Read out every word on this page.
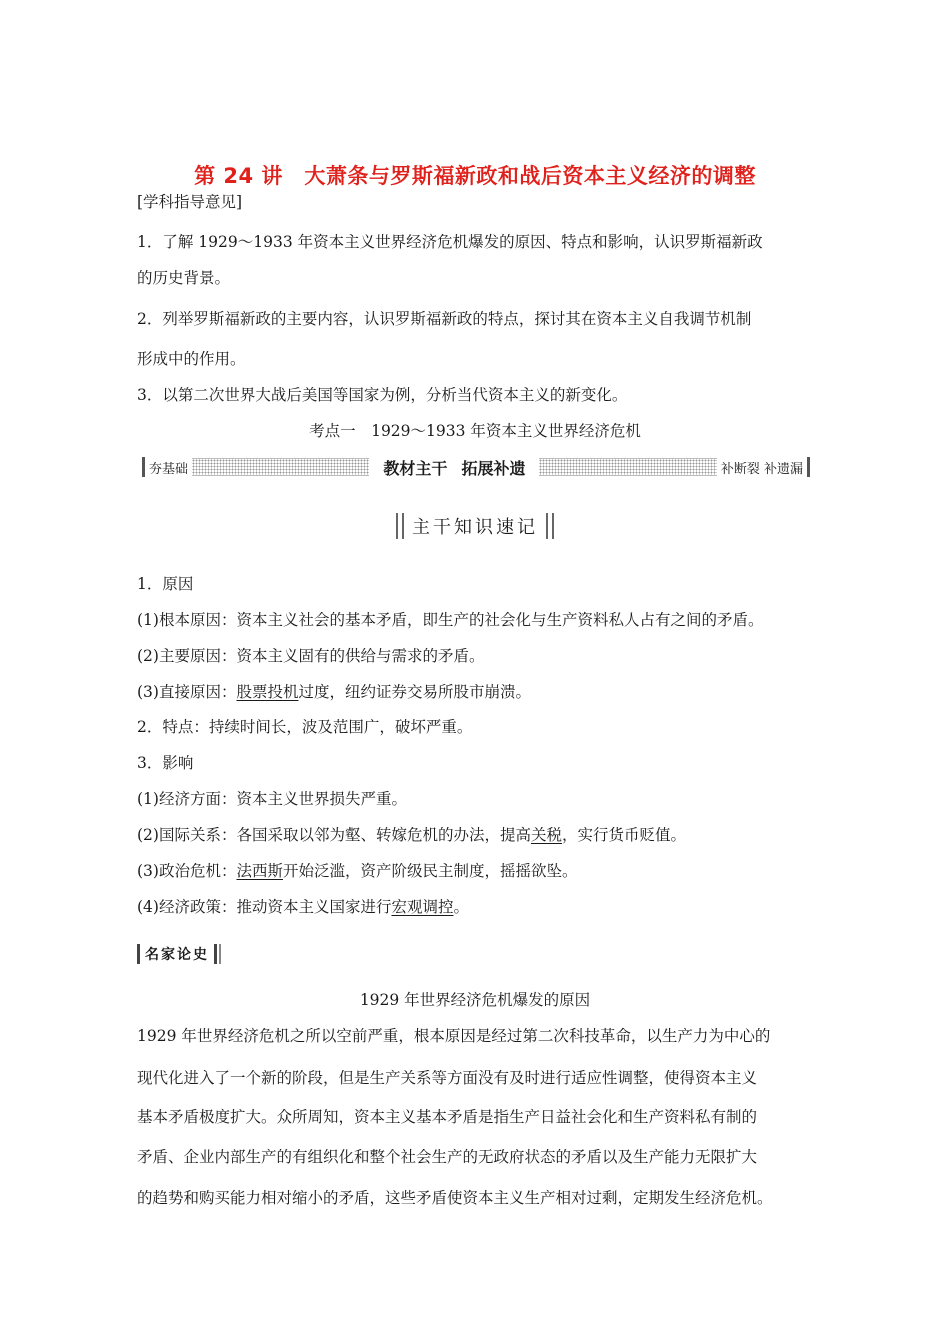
第 24 讲　大萧条与罗斯福新政和战后资本主义经济的调整
[学科指导意见]
1．了解 1929～1933 年资本主义世界经济危机爆发的原因、特点和影响，认识罗斯福新政
的历史背景。
2．列举罗斯福新政的主要内容，认识罗斯福新政的特点，探讨其在资本主义自我调节机制
形成中的作用。
3．以第二次世界大战后美国等国家为例，分析当代资本主义的新变化。
考点一　1929～1933 年资本主义世界经济危机
夯基础	教材主干 拓展补遗	补断裂 补遗漏
主干知识速记
1．原因
(1)根本原因：资本主义社会的基本矛盾，即生产的社会化与生产资料私人占有之间的矛盾。
(2)主要原因：资本主义固有的供给与需求的矛盾。
(3)直接原因：股票投机过度，纽约证券交易所股市崩溃。
2．特点：持续时间长，波及范围广，破坏严重。
3．影响
(1)经济方面：资本主义世界损失严重。
(2)国际关系：各国采取以邻为壑、转嫁危机的办法，提高关税，实行货币贬值。
(3)政治危机：法西斯开始泛滥，资产阶级民主制度，摇摇欲坠。
(4)经济政策：推动资本主义国家进行宏观调控。
名家论史
1929 年世界经济危机爆发的原因
1929 年世界经济危机之所以空前严重，根本原因是经过第二次科技革命，以生产力为中心的
现代化进入了一个新的阶段，但是生产关系等方面没有及时进行适应性调整，使得资本主义
基本矛盾极度扩大。众所周知，资本主义基本矛盾是指生产日益社会化和生产资料私有制的
矛盾、企业内部生产的有组织化和整个社会生产的无政府状态的矛盾以及生产能力无限扩大
的趋势和购买能力相对缩小的矛盾，这些矛盾使资本主义生产相对过剩，定期发生经济危机。
